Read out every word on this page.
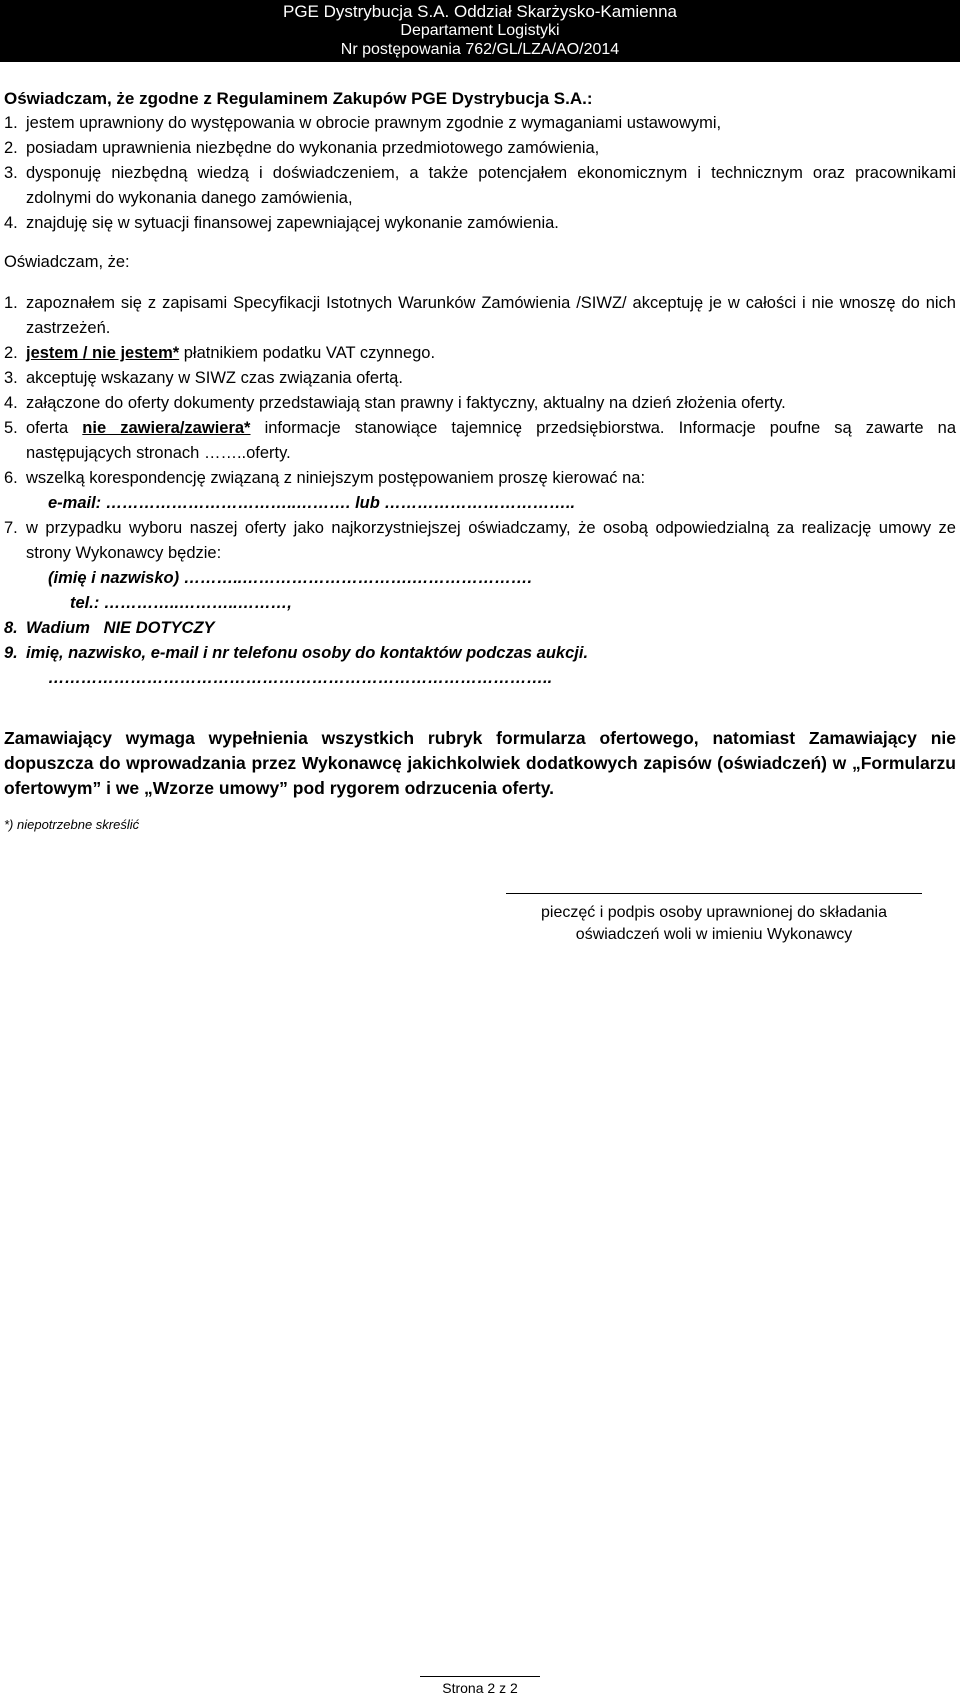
PGE Dystrybucja S.A. Oddział Skarżysko-Kamienna
Departament Logistyki
Nr postępowania 762/GL/LZA/AO/2014
Oświadczam, że zgodne z Regulaminem Zakupów PGE Dystrybucja S.A.:
1. jestem uprawniony do występowania w obrocie prawnym zgodnie z wymaganiami ustawowymi,
2. posiadam uprawnienia niezbędne do wykonania przedmiotowego zamówienia,
3. dysponuję niezbędną wiedzą i doświadczeniem, a także potencjałem ekonomicznym i technicznym oraz pracownikami zdolnymi do wykonania danego zamówienia,
4. znajduję się w sytuacji finansowej zapewniającej wykonanie zamówienia.
Oświadczam, że:
1. zapoznałem się z zapisami Specyfikacji Istotnych Warunków Zamówienia /SIWZ/ akceptuję je w całości i nie wnoszę do nich zastrzeżeń.
2. jestem / nie jestem* płatnikiem podatku VAT czynnego.
3. akceptuję wskazany w SIWZ czas związania ofertą.
4. załączone do oferty dokumenty przedstawiają stan prawny i faktyczny, aktualny na dzień złożenia oferty.
5. oferta nie zawiera/zawiera* informacje stanowiące tajemnicę przedsiębiorstwa. Informacje poufne są zawarte na następujących stronach ……..oferty.
6. wszelką korespondencję związaną z niniejszym postępowaniem proszę kierować na:
e-mail: ……………………………..………. lub ……………………………..
7. w przypadku wyboru naszej oferty jako najkorzystniejszej oświadczamy, że osobą odpowiedzialną za realizację umowy ze strony Wykonawcy będzie:
(imię i nazwisko) ………..………………………….………………….
tel.: …………..………..………,
8. Wadium   NIE DOTYCZY
9. imię, nazwisko, e-mail i nr telefonu osoby do kontaktów podczas aukcji.
………………………………………………………………………………..
Zamawiający wymaga wypełnienia wszystkich rubryk formularza ofertowego, natomiast Zamawiający nie dopuszcza do wprowadzania przez Wykonawcę jakichkolwiek dodatkowych zapisów (oświadczeń) w „Formularzu ofertowym” i we „Wzorze umowy” pod rygorem odrzucenia oferty.
*) niepotrzebne skreślić
pieczęć i podpis osoby uprawnionej do składania
oświadczeń woli w imieniu Wykonawcy
Strona 2 z 2
